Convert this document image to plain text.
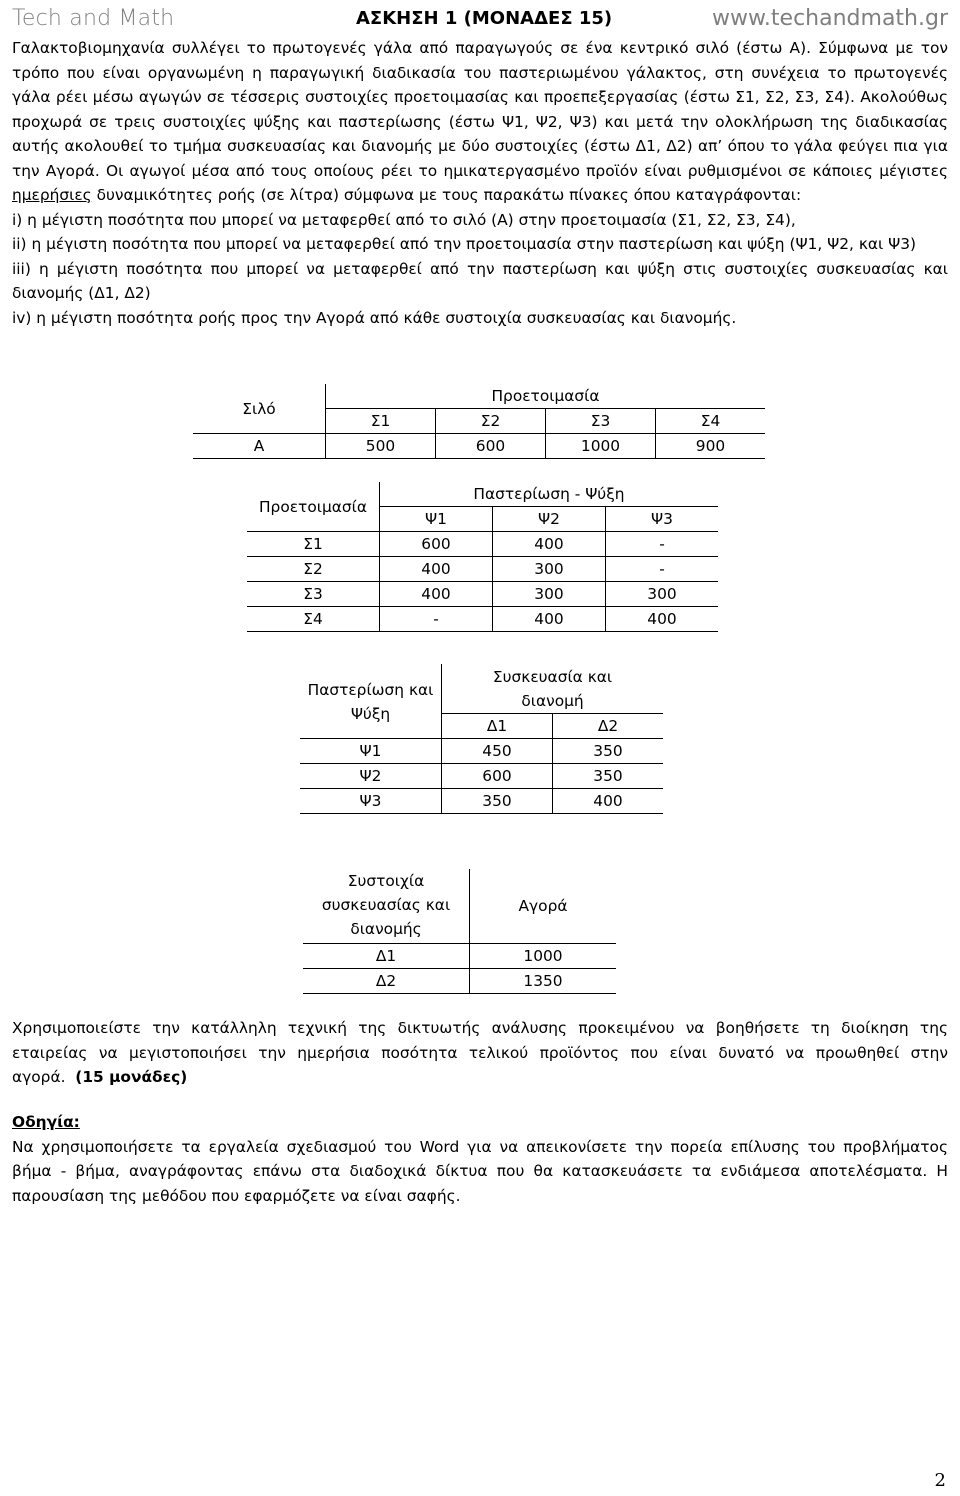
Tech and Math	ΑΣΚΗΣΗ 1 (ΜΟΝΑΔΕΣ 15)	www.techandmath.gr

Γαλακτοβιομηχανία συλλέγει το πρωτογενές γάλα από παραγωγούς σε ένα κεντρικό σιλό (έστω Α). Σύμφωνα με τον τρόπο που είναι οργανωμένη η παραγωγική διαδικασία του παστεριωμένου γάλακτος, στη συνέχεια το πρωτογενές γάλα ρέει μέσω αγωγών σε τέσσερις συστοιχίες προετοιμασίας και προεπεξεργασίας (έστω Σ1, Σ2, Σ3, Σ4). Ακολούθως προχωρά σε τρεις συστοιχίες ψύξης και παστερίωσης (έστω Ψ1, Ψ2, Ψ3) και μετά την ολοκλήρωση της διαδικασίας αυτής ακολουθεί το τμήμα συσκευασίας και διανομής με δύο συστοιχίες (έστω Δ1, Δ2) απ’ όπου το γάλα φεύγει πια για την Αγορά. Οι αγωγοί μέσα από τους οποίους ρέει το ημικατεργασμένο προϊόν είναι ρυθμισμένοι σε κάποιες μέγιστες ημερήσιες δυναμικότητες ροής (σε λίτρα) σύμφωνα με τους παρακάτω πίνακες όπου καταγράφονται:

i) η μέγιστη ποσότητα που μπορεί να μεταφερθεί από το σιλό (Α) στην προετοιμασία (Σ1, Σ2, Σ3, Σ4),

ii) η μέγιστη ποσότητα που μπορεί να μεταφερθεί από την προετοιμασία στην παστερίωση και ψύξη (Ψ1, Ψ2, και Ψ3)

iii) η μέγιστη ποσότητα που μπορεί να μεταφερθεί από την παστερίωση και ψύξη στις συστοιχίες συσκευασίας και διανομής (Δ1, Δ2)

iv) η μέγιστη ποσότητα ροής προς την Αγορά από κάθε συστοιχία συσκευασίας και διανομής.

Σιλό	Προετοιμασία			
	Σ1	Σ2	Σ3	Σ4
Α	500	600	1000	900
Προετοιμασία	Παστερίωση - Ψύξη		
	Ψ1	Ψ2	Ψ3
Σ1	600	400	-
Σ2	400	300	-
Σ3	400	300	300
Σ4	-	400	400
Παστερίωση και
Ψύξη	Συσκευασία και
διανομή	
	Δ1	Δ2
Ψ1	450	350
Ψ2	600	350
Ψ3	350	400
Συστοιχία
συσκευασίας και
διανομής	Αγορά
Δ1	1000
Δ2	1350

Χρησιμοποιείστε την κατάλληλη τεχνική της δικτυωτής ανάλυσης προκειμένου να βοηθήσετε τη διοίκηση της εταιρείας να μεγιστοποιήσει την ημερήσια ποσότητα τελικού προϊόντος που είναι δυνατό να προωθηθεί στην αγορά. (15 μονάδες)

Οδηγία:

Να χρησιμοποιήσετε τα εργαλεία σχεδιασμού του Word για να απεικονίσετε την πορεία επίλυσης του προβλήματος βήμα - βήμα, αναγράφοντας επάνω στα διαδοχικά δίκτυα που θα κατασκευάσετε τα ενδιάμεσα αποτελέσματα. Η παρουσίαση της μεθόδου που εφαρμόζετε να είναι σαφής.

2
